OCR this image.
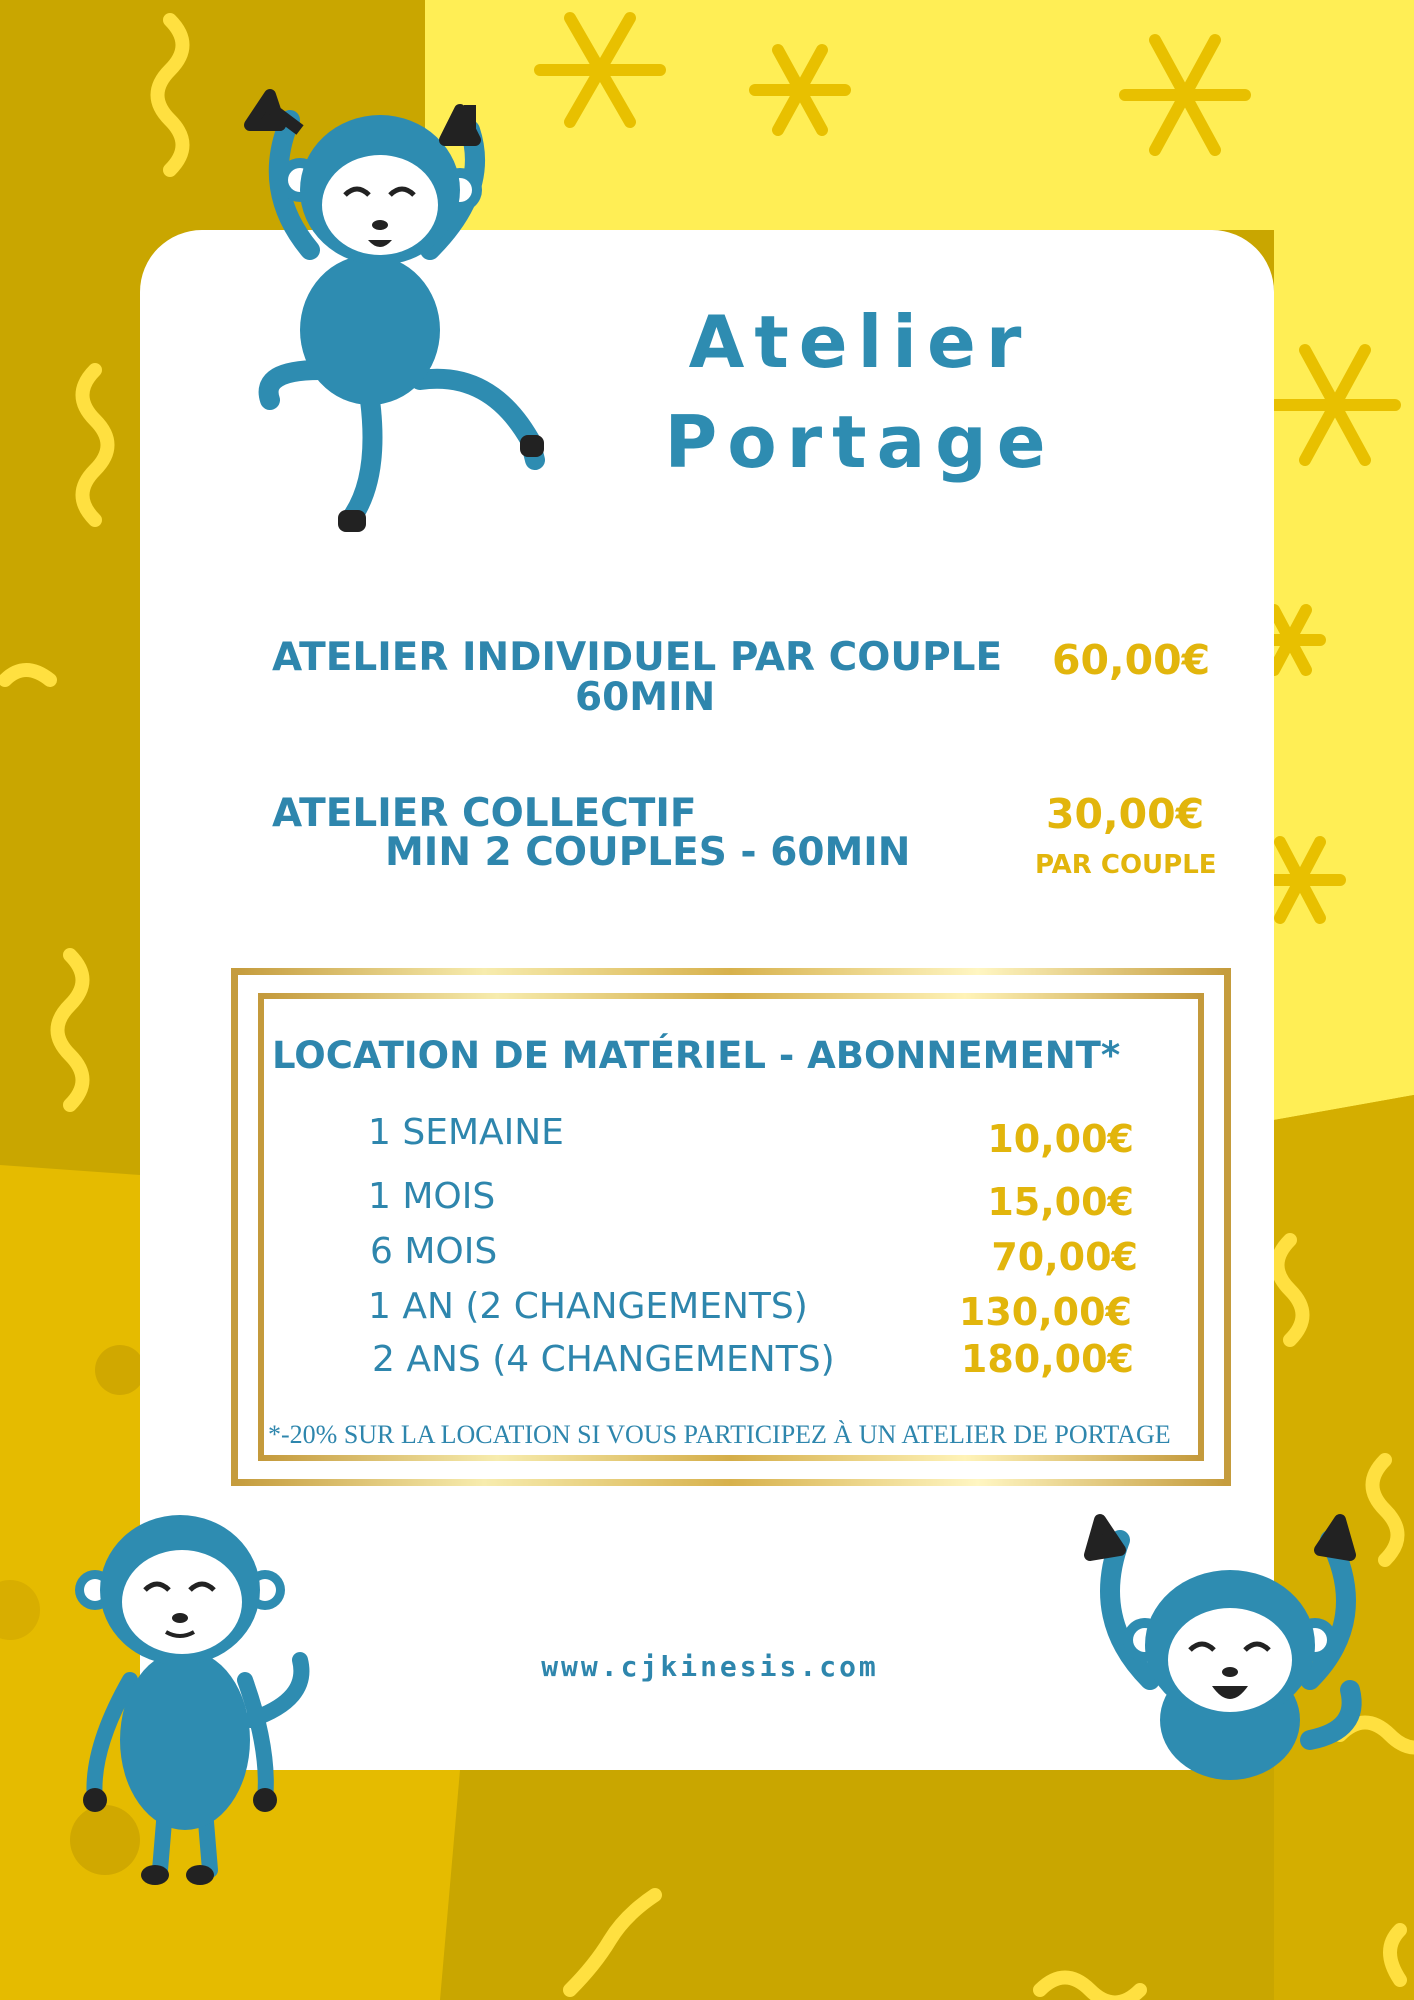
Atelier
Portage
ATELIER INDIVIDUEL PAR COUPLE
60MIN
60,00€
ATELIER COLLECTIF
MIN 2 COUPLES - 60MIN
30,00€
PAR COUPLE
LOCATION DE MATÉRIEL - ABONNEMENT*
1 SEMAINE	10,00€
1 MOIS	15,00€
6 MOIS	70,00€
1 AN (2 CHANGEMENTS)	130,00€
2 ANS (4 CHANGEMENTS)	180,00€
*-20% SUR LA LOCATION SI VOUS PARTICIPEZ À UN ATELIER DE PORTAGE
www.cjkinesis.com
